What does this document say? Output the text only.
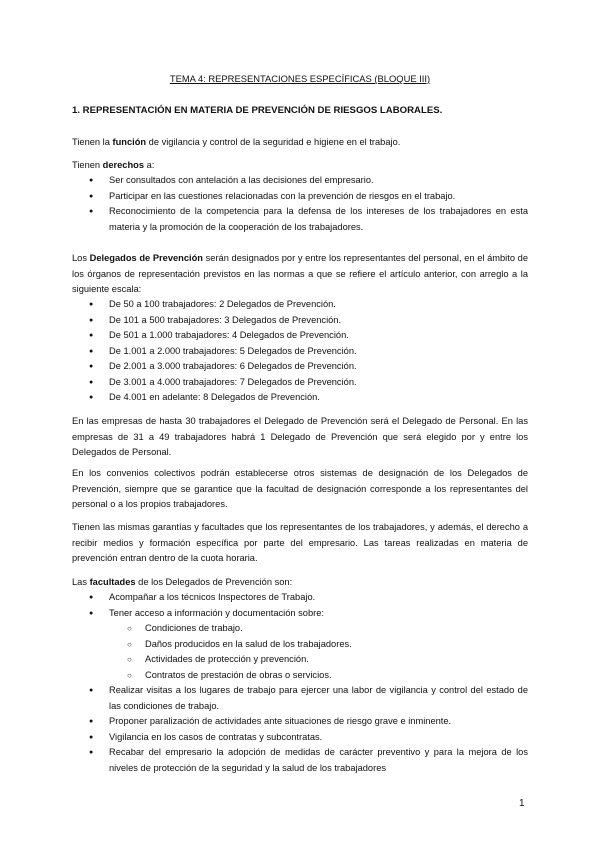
TEMA 4: REPRESENTACIONES ESPECÍFICAS (BLOQUE III)
1. REPRESENTACIÓN EN MATERIA DE PREVENCIÓN DE RIESGOS LABORALES.
Tienen la función de vigilancia y control de la seguridad e higiene en el trabajo.
Tienen derechos a:
● Ser consultados con antelación a las decisiones del empresario.
● Participar en las cuestiones relacionadas con la prevención de riesgos en el trabajo.
● Reconocimiento de la competencia para la defensa de los intereses de los trabajadores en esta materia y la promoción de la cooperación de los trabajadores.
Los Delegados de Prevención serán designados por y entre los representantes del personal, en el ámbito de los órganos de representación previstos en las normas a que se refiere el artículo anterior, con arreglo a la siguiente escala:
● De 50 a 100 trabajadores: 2 Delegados de Prevención.
● De 101 a 500 trabajadores: 3 Delegados de Prevención.
● De 501 a 1.000 trabajadores: 4 Delegados de Prevención.
● De 1.001 a 2.000 trabajadores: 5 Delegados de Prevención.
● De 2.001 a 3.000 trabajadores: 6 Delegados de Prevención.
● De 3.001 a 4.000 trabajadores: 7 Delegados de Prevención.
● De 4.001 en adelante: 8 Delegados de Prevención.
En las empresas de hasta 30 trabajadores el Delegado de Prevención será el Delegado de Personal. En las empresas de 31 a 49 trabajadores habrá 1 Delegado de Prevención que será elegido por y entre los Delegados de Personal.
En los convenios colectivos podrán establecerse otros sistemas de designación de los Delegados de Prevención, siempre que se garantice que la facultad de designación corresponde a los representantes del personal o a los propios trabajadores.
Tienen las mismas garantías y facultades que los representantes de los trabajadores, y además, el derecho a recibir medios y formación específica por parte del empresario. Las tareas realizadas en materia de prevención entran dentro de la cuota horaria.
Las facultades de los Delegados de Prevención son:
● Acompañar a los técnicos Inspectores de Trabajo.
● Tener acceso a información y documentación sobre:
○ Condiciones de trabajo.
○ Daños producidos en la salud de los trabajadores.
○ Actividades de protección y prevención.
○ Contratos de prestación de obras o servicios.
● Realizar visitas a los lugares de trabajo para ejercer una labor de vigilancia y control del estado de las condiciones de trabajo.
● Proponer paralización de actividades ante situaciones de riesgo grave e inminente.
● Vigilancia en los casos de contratas y subcontratas.
● Recabar del empresario la adopción de medidas de carácter preventivo y para la mejora de los niveles de protección de la seguridad y la salud de los trabajadores
1
